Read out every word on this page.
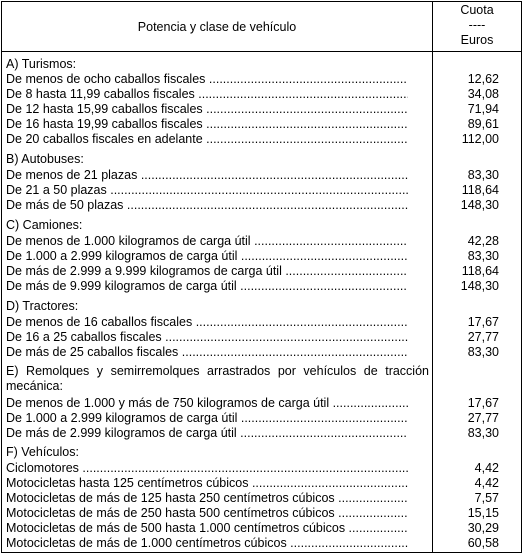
Potencia y clase de vehículo
Cuota
----
Euros
A) Turismos:
De menos de ocho caballos fiscales .....	12,62
De 8 hasta 11,99 caballos fiscales .....	34,08
De 12 hasta 15,99 caballos fiscales .....	71,94
De 16 hasta 19,99 caballos fiscales .....	89,61
De 20 caballos fiscales en adelante .....	112,00
B) Autobuses:
De menos de 21 plazas .....	83,30
De 21 a 50 plazas .....	118,64
De más de 50 plazas .....	148,30
C) Camiones:
De menos de 1.000 kilogramos de carga útil .....	42,28
De 1.000 a 2.999 kilogramos de carga útil .....	83,30
De más de 2.999 a 9.999 kilogramos de carga útil .....	118,64
De más de 9.999 kilogramos de carga útil .....	148,30
D) Tractores:
De menos de 16 caballos fiscales .....	17,67
De 16 a 25 caballos fiscales .....	27,77
De más de 25 caballos fiscales .....	83,30
E) Remolques y semirremolques arrastrados por vehículos de tracción
mecánica:
De menos de 1.000 y más de 750 kilogramos de carga útil .....	17,67
De 1.000 a 2.999 kilogramos de carga útil .....	27,77
De más de 2.999 kilogramos de carga útil .....	83,30
F) Vehículos:
Ciclomotores .....	4,42
Motocicletas hasta 125 centímetros cúbicos .....	4,42
Motocicletas de más de 125 hasta 250 centímetros cúbicos .....	7,57
Motocicletas de más de 250 hasta 500 centímetros cúbicos .....	15,15
Motocicletas de más de 500 hasta 1.000 centímetros cúbicos .....	30,29
Motocicletas de más de 1.000 centímetros cúbicos .....	60,58
